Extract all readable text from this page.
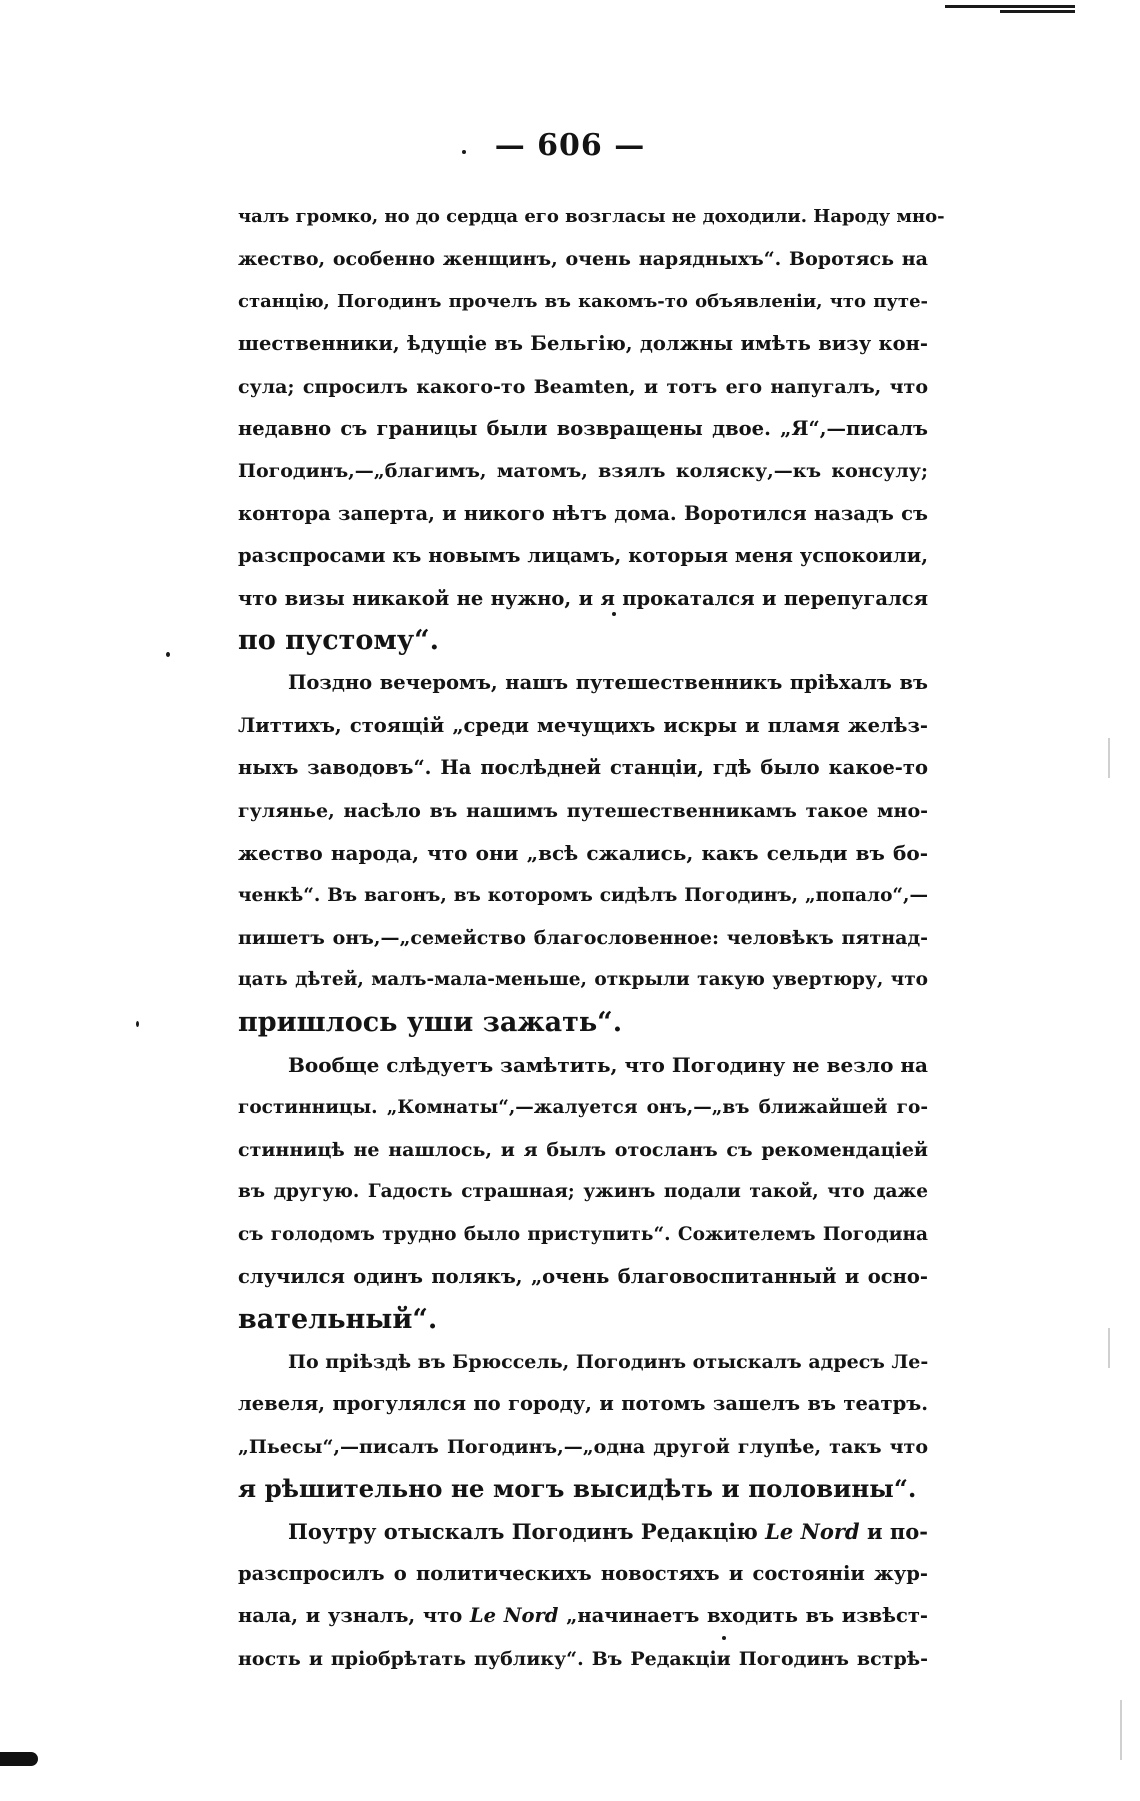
— 606 —
чалъ громко, но до сердца его возгласы не доходили. Народу мно-
жество, особенно женщинъ, очень нарядныхъ“. Воротясь на
станцію, Погодинъ прочелъ въ какомъ-то объявленіи, что путе-
шественники, ѣдущіе въ Бельгію, должны имѣть визу кон-
сула; спросилъ какого-то Beamten, и тотъ его напугалъ, что
недавно съ границы были возвращены двое. „Я“,—писалъ
Погодинъ,—„благимъ, матомъ, взялъ коляску,—къ консулу;
контора заперта, и никого нѣтъ дома. Воротился назадъ съ
разспросами къ новымъ лицамъ, которыя меня успокоили,
что визы никакой не нужно, и я прокатался и перепугался
по пустому“.
Поздно вечеромъ, нашъ путешественникъ пріѣхалъ въ
Литтихъ, стоящій „среди мечущихъ искры и пламя желѣз-
ныхъ заводовъ“. На послѣдней станціи, гдѣ было какое-то
гулянье, насѣло въ нашимъ путешественникамъ такое мно-
жество народа, что они „всѣ сжались, какъ сельди въ бо-
ченкѣ“. Въ вагонъ, въ которомъ сидѣлъ Погодинъ, „попало“,—
пишетъ онъ,—„семейство благословенное: человѣкъ пятнад-
цать дѣтей, малъ-мала-меньше, открыли такую увертюру, что
пришлось уши зажать“.
Вообще слѣдуетъ замѣтить, что Погодину не везло на
гостинницы. „Комнаты“,—жалуется онъ,—„въ ближайшей го-
стинницѣ не нашлось, и я былъ отосланъ съ рекомендаціей
въ другую. Гадость страшная; ужинъ подали такой, что даже
съ голодомъ трудно было приступить“. Сожителемъ Погодина
случился одинъ полякъ, „очень благовоспитанный и осно-
вательный“.
По пріѣздѣ въ Брюссель, Погодинъ отыскалъ адресъ Ле-
левеля, прогулялся по городу, и потомъ зашелъ въ театръ.
„Пьесы“,—писалъ Погодинъ,—„одна другой глупѣе, такъ что
я рѣшительно не могъ высидѣть и половины“.
Поутру отыскалъ Погодинъ Редакцію Le Nord и по-
разспросилъ о политическихъ новостяхъ и состояніи жур-
нала, и узналъ, что Le Nord „начинаетъ входить въ извѣст-
ность и пріобрѣтать публику“. Въ Редакціи Погодинъ встрѣ-
